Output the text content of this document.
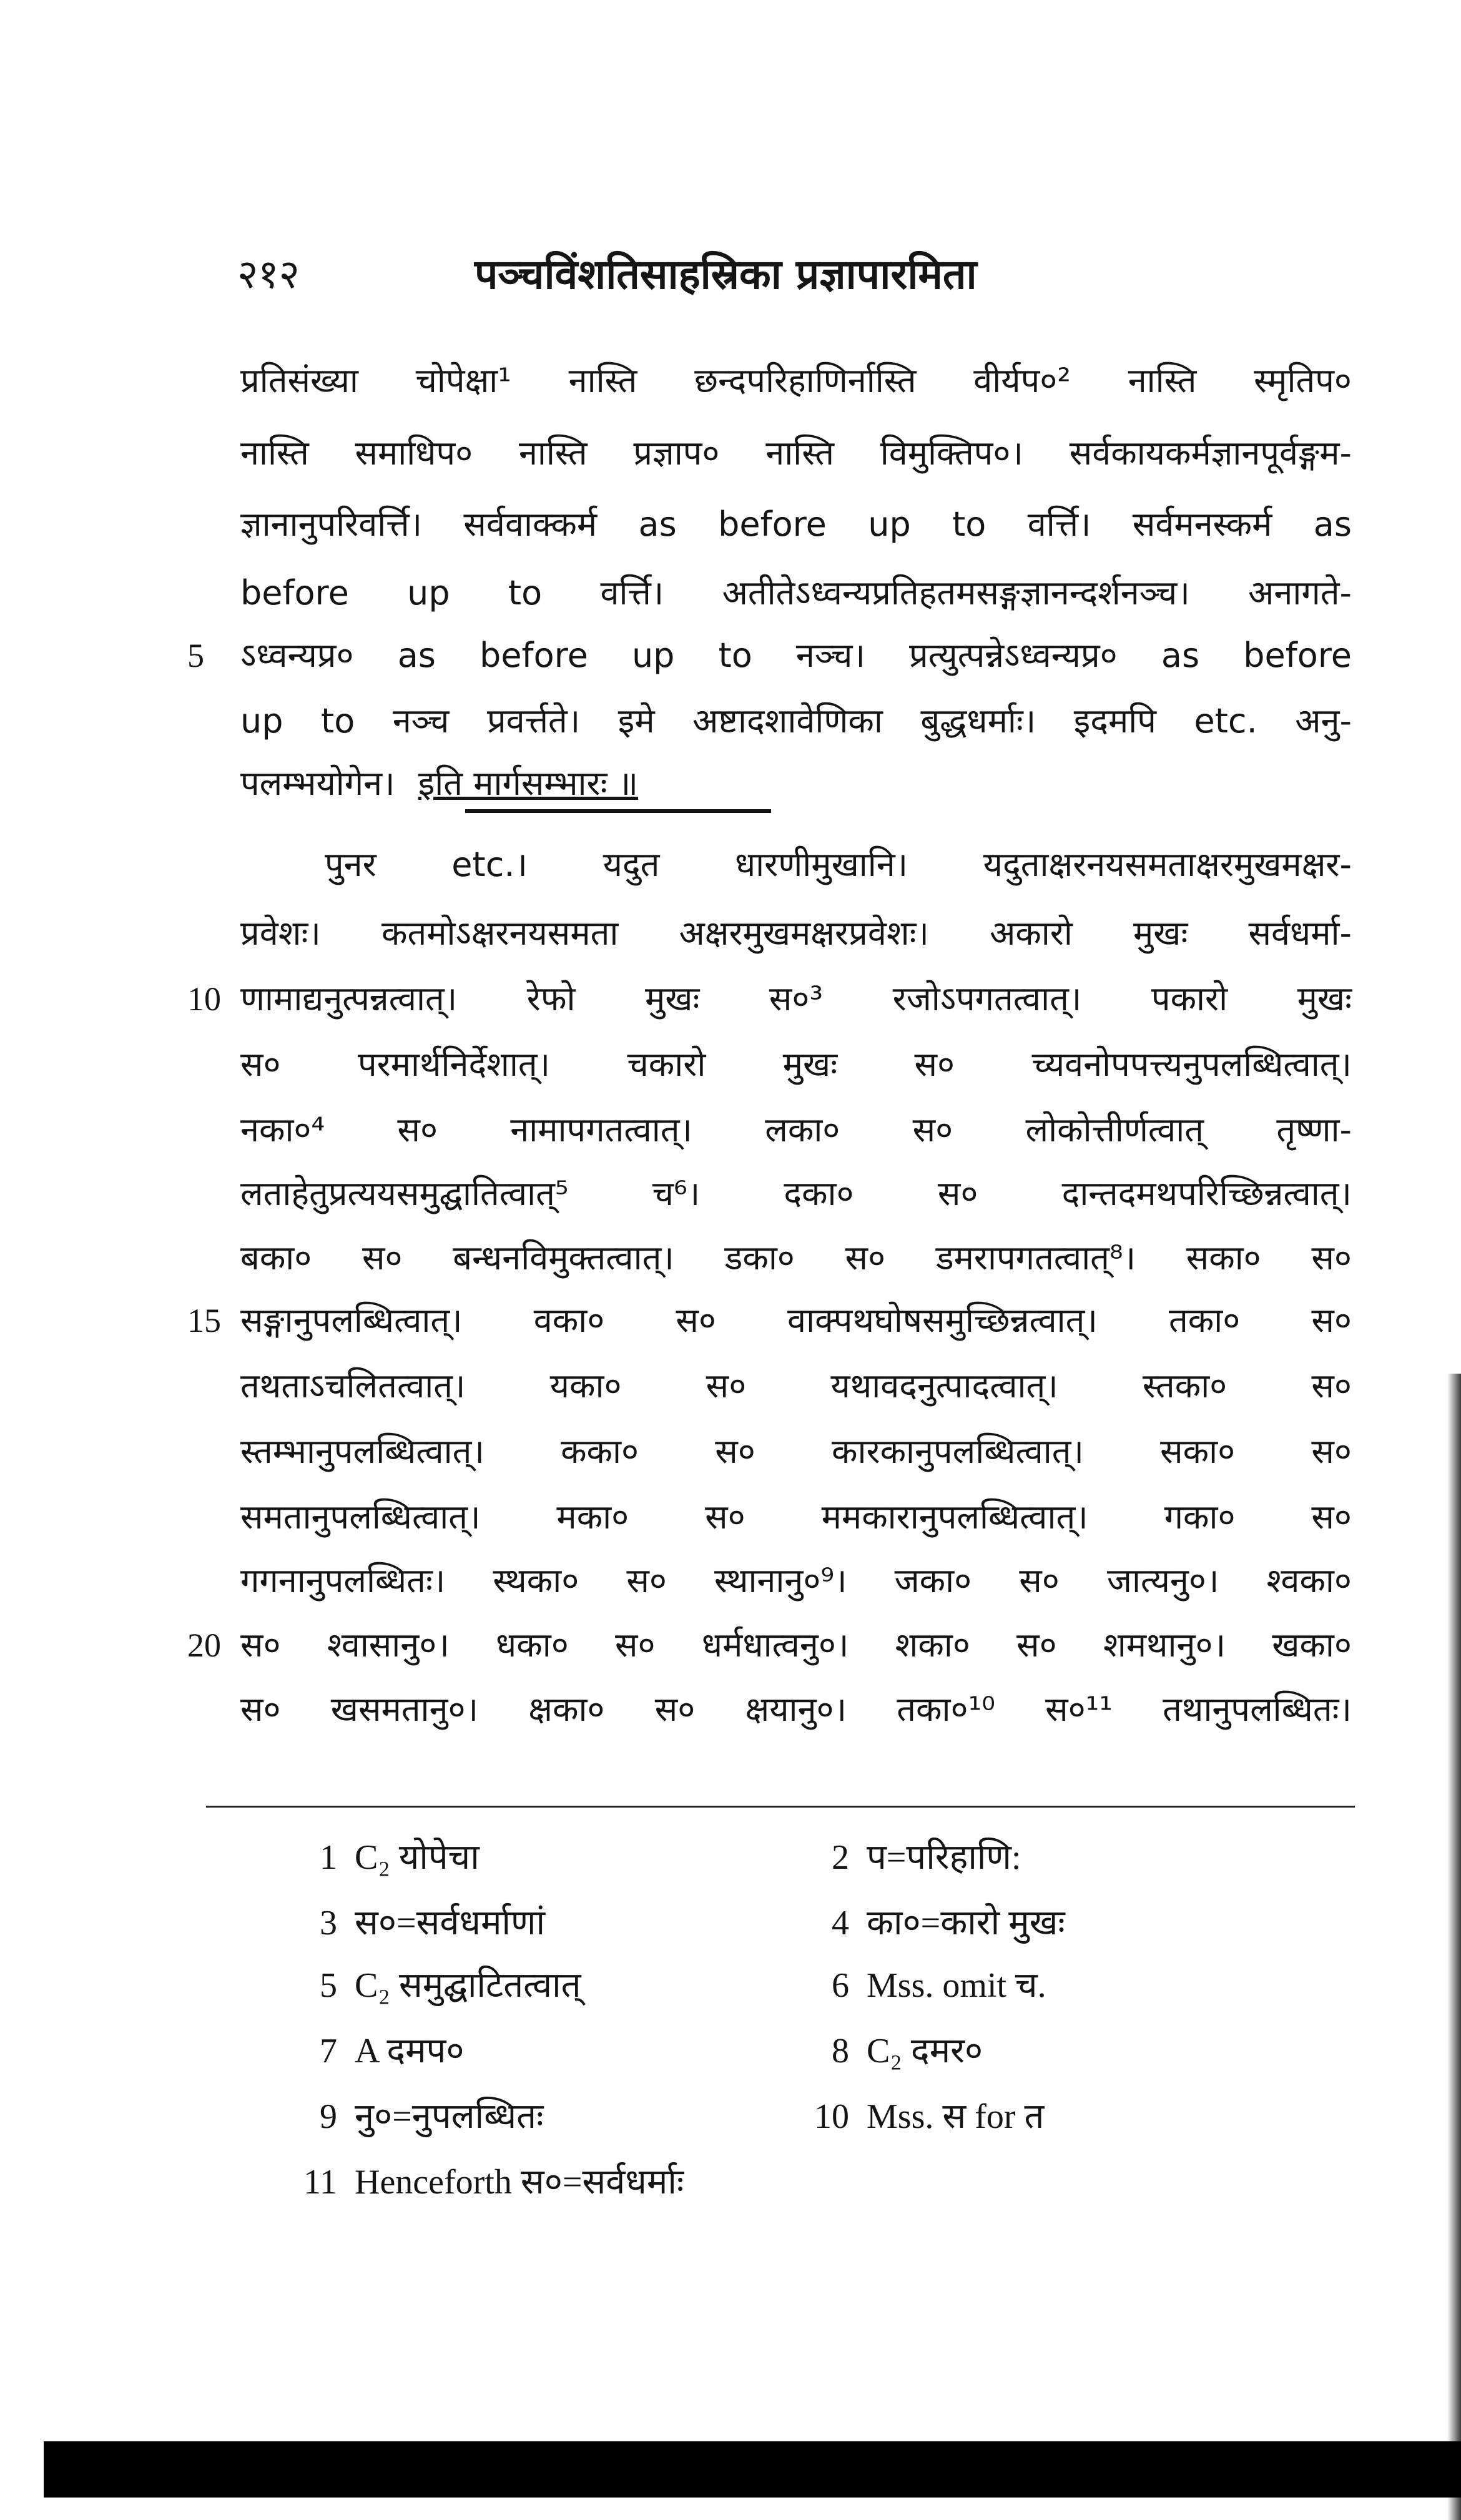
२१२	पञ्चविंशतिसाहस्रिका प्रज्ञापारमिता
प्रतिसंख्या चोपेक्षा¹ नास्ति छन्दपरिहाणिर्नास्ति वीर्यप०² नास्ति स्मृतिप०
नास्ति समाधिप० नास्ति प्रज्ञाप० नास्ति विमुक्तिप०। सर्वकायकर्मज्ञानपूर्वङ्गम-
ज्ञानानुपरिवर्त्ति। सर्ववाक्कर्म as before up to वर्त्ति। सर्वमनस्कर्म as
before up to वर्त्ति। अतीतेऽध्वन्यप्रतिहतमसङ्गज्ञानन्दर्शनञ्च। अनागते-
5 ऽध्वन्यप्र० as before up to नञ्च। प्रत्युत्पन्नेऽध्वन्यप्र० as before
up to नञ्च प्रवर्त्तते। इमे अष्टादशावेणिका बुद्धधर्माः। इदमपि etc. अनु-
पलम्भयोगेन। इति मार्गसम्भारः ॥
पुनर etc.। यदुत धारणीमुखानि। यदुताक्षरनयसमताक्षरमुखमक्षर-
प्रवेशः। कतमोऽक्षरनयसमता अक्षरमुखमक्षरप्रवेशः। अकारो मुखः सर्वधर्मा-
10 णामाद्यनुत्पन्नत्वात्। रेफो मुखः स०³ रजोऽपगतत्वात्। पकारो मुखः
स० परमार्थनिर्देशात्। चकारो मुखः स० च्यवनोपपत्त्यनुपलब्धित्वात्।
नका०⁴ स० नामापगतत्वात्। लका० स० लोकोत्तीर्णत्वात् तृष्णा-
लताहेतुप्रत्ययसमुद्घातित्वात्⁵ च⁶। दका० स० दान्तदमथपरिच्छिन्नत्वात्।
बका० स० बन्धनविमुक्तत्वात्। डका० स० डमरापगतत्वात्⁸। सका० स०
15 सङ्गानुपलब्धित्वात्। वका० स० वाक्पथघोषसमुच्छिन्नत्वात्। तका० स०
तथताऽचलितत्वात्। यका० स० यथावदनुत्पादत्वात्। स्तका० स०
स्तम्भानुपलब्धित्वात्। कका० स० कारकानुपलब्धित्वात्। सका० स०
समतानुपलब्धित्वात्। मका० स० ममकारानुपलब्धित्वात्। गका० स०
गगनानुपलब्धितः। स्थका० स० स्थानानु०⁹। जका० स० जात्यनु०। श्वका०
20 स० श्वासानु०। धका० स० धर्मधात्वनु०। शका० स० शमथानु०। खका०
स० खसमतानु०। क्षका० स० क्षयानु०। तका०¹⁰ स०¹¹ तथानुपलब्धितः।
1 C₂ योपेचा	2 प=परिहाणि:
3 स०=सर्वधर्माणां	4 का०=कारो मुखः
5 C₂ समुद्घाटितत्वात्	6 Mss. omit च.
7 A दमप०	8 C₂ दमर०
9 नु०=नुपलब्धितः	10 Mss. स for त
11 Henceforth स०=सर्वधर्माः
